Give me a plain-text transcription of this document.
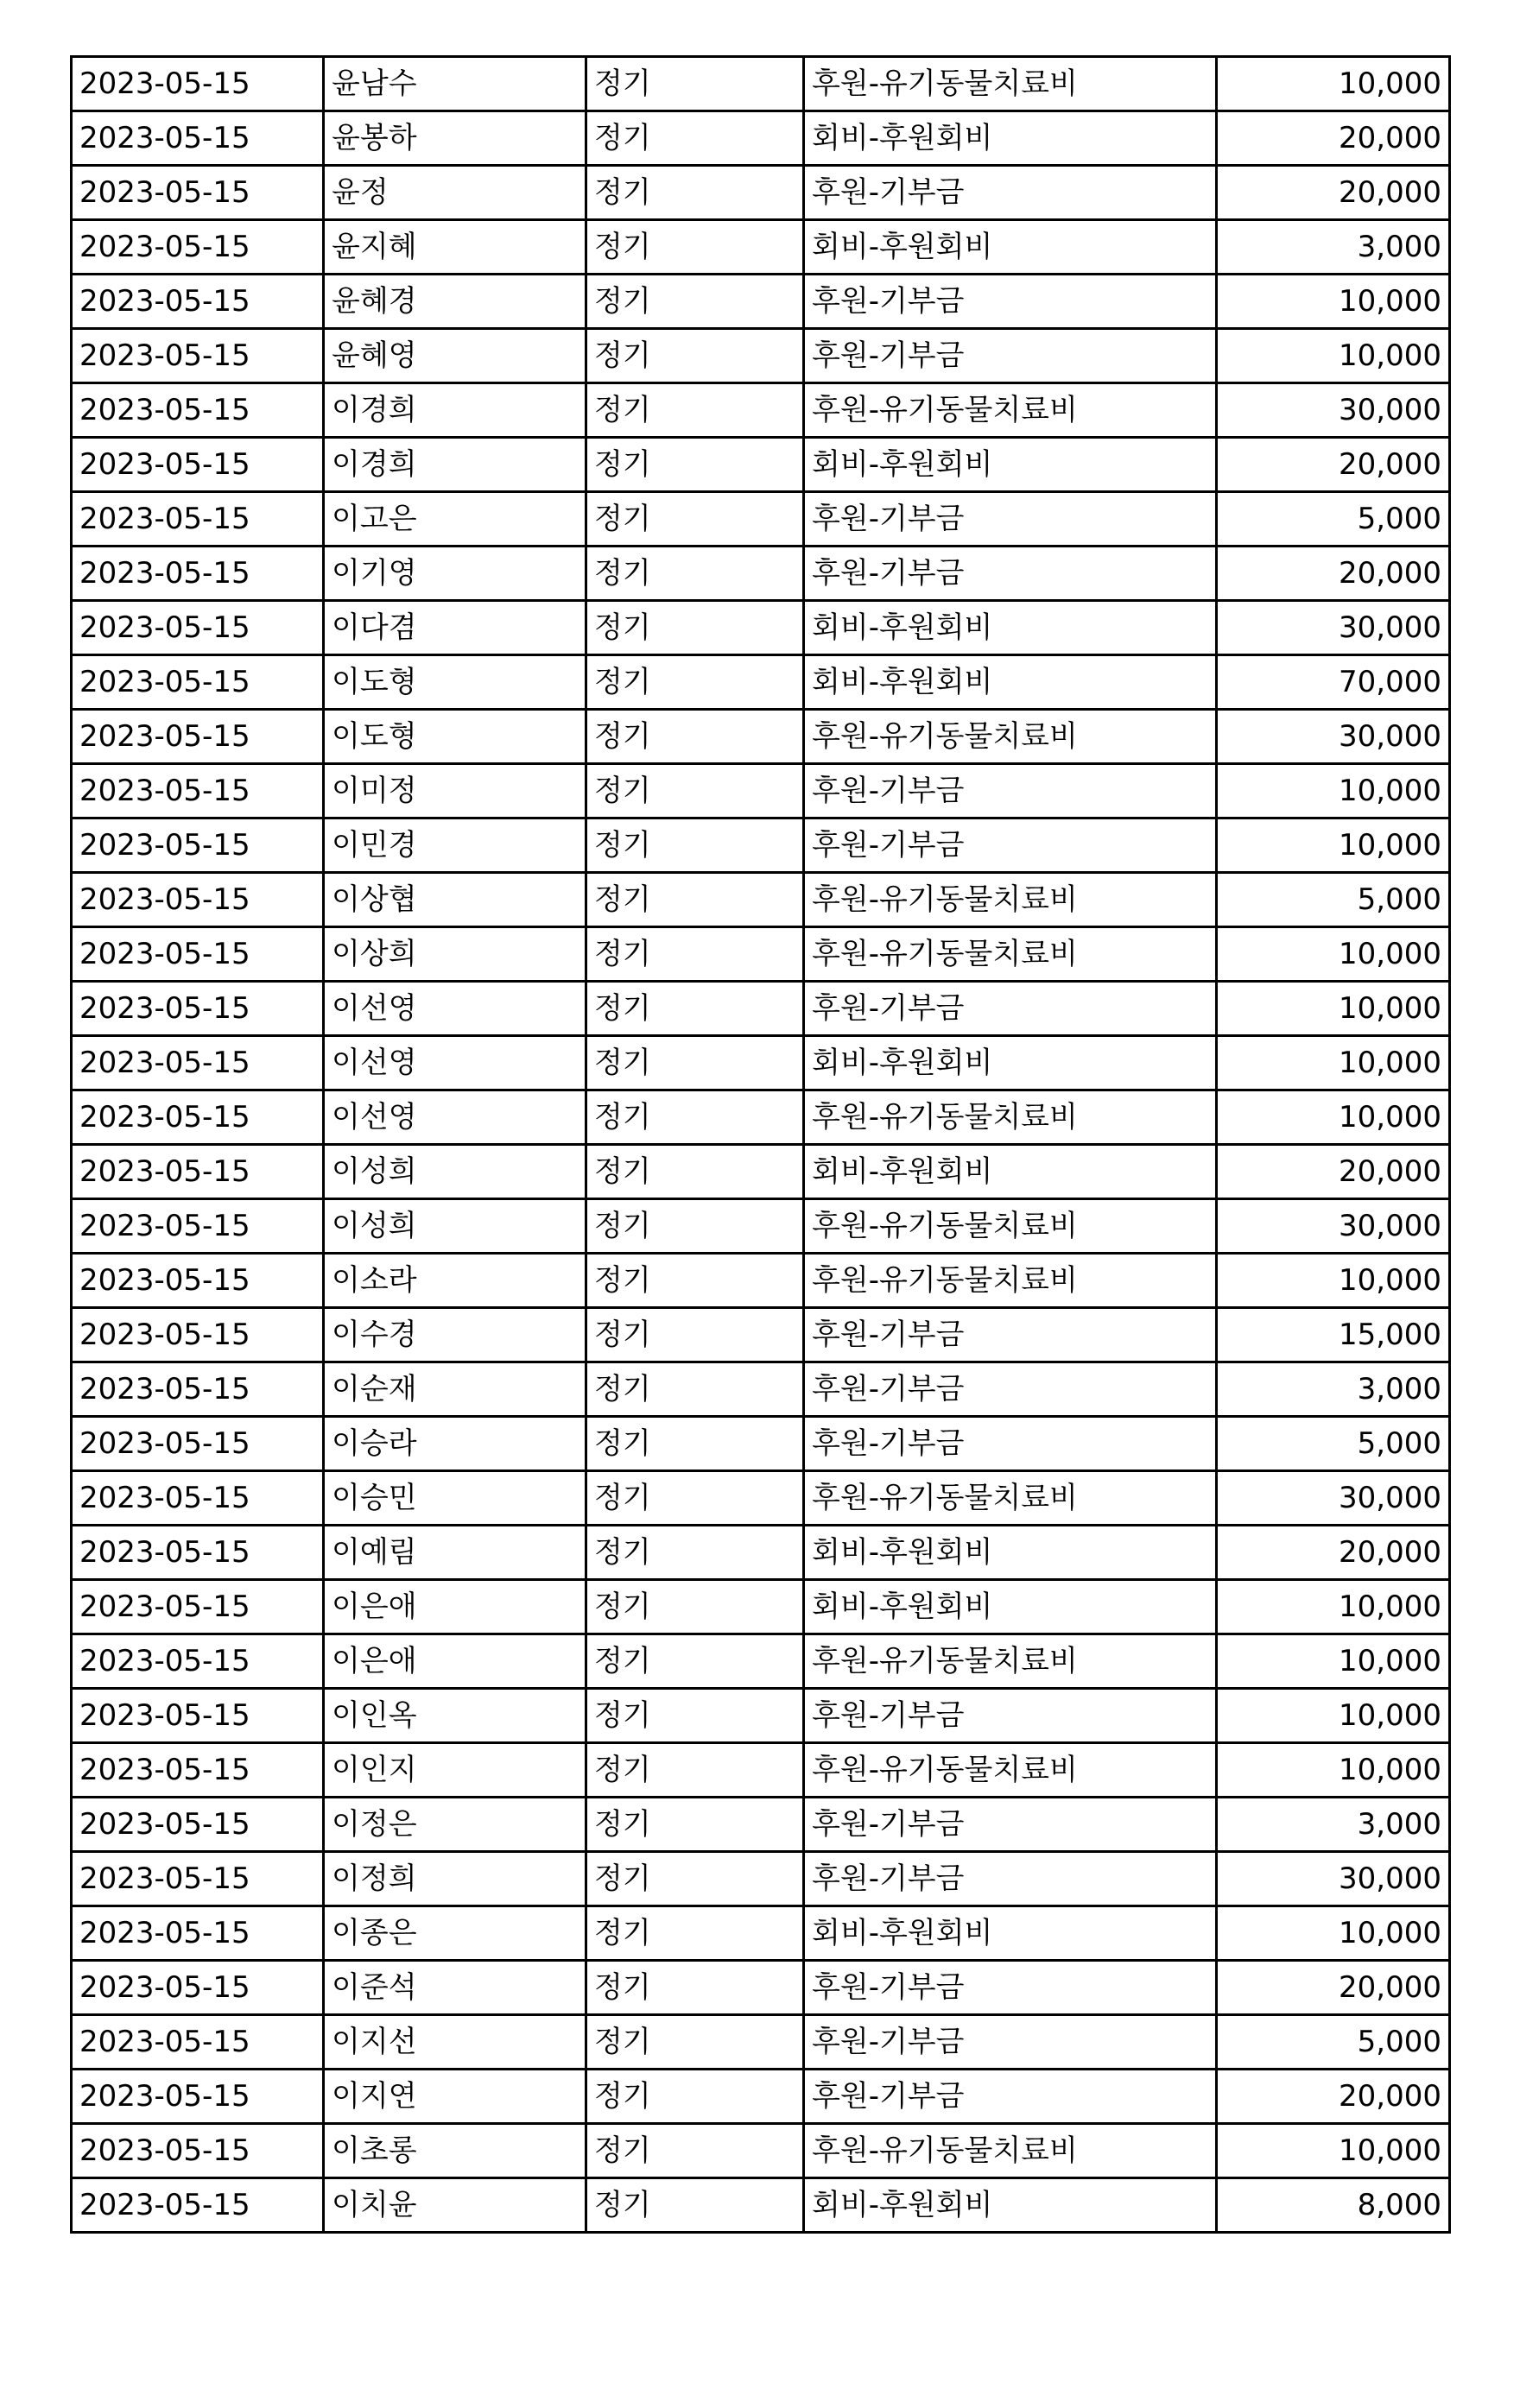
2023-05-15	윤남수	정기	후원-유기동물치료비	10,000
2023-05-15	윤봉하	정기	회비-후원회비	20,000
2023-05-15	윤정	정기	후원-기부금	20,000
2023-05-15	윤지혜	정기	회비-후원회비	3,000
2023-05-15	윤혜경	정기	후원-기부금	10,000
2023-05-15	윤혜영	정기	후원-기부금	10,000
2023-05-15	이경희	정기	후원-유기동물치료비	30,000
2023-05-15	이경희	정기	회비-후원회비	20,000
2023-05-15	이고은	정기	후원-기부금	5,000
2023-05-15	이기영	정기	후원-기부금	20,000
2023-05-15	이다겸	정기	회비-후원회비	30,000
2023-05-15	이도형	정기	회비-후원회비	70,000
2023-05-15	이도형	정기	후원-유기동물치료비	30,000
2023-05-15	이미정	정기	후원-기부금	10,000
2023-05-15	이민경	정기	후원-기부금	10,000
2023-05-15	이상협	정기	후원-유기동물치료비	5,000
2023-05-15	이상희	정기	후원-유기동물치료비	10,000
2023-05-15	이선영	정기	후원-기부금	10,000
2023-05-15	이선영	정기	회비-후원회비	10,000
2023-05-15	이선영	정기	후원-유기동물치료비	10,000
2023-05-15	이성희	정기	회비-후원회비	20,000
2023-05-15	이성희	정기	후원-유기동물치료비	30,000
2023-05-15	이소라	정기	후원-유기동물치료비	10,000
2023-05-15	이수경	정기	후원-기부금	15,000
2023-05-15	이순재	정기	후원-기부금	3,000
2023-05-15	이승라	정기	후원-기부금	5,000
2023-05-15	이승민	정기	후원-유기동물치료비	30,000
2023-05-15	이예림	정기	회비-후원회비	20,000
2023-05-15	이은애	정기	회비-후원회비	10,000
2023-05-15	이은애	정기	후원-유기동물치료비	10,000
2023-05-15	이인옥	정기	후원-기부금	10,000
2023-05-15	이인지	정기	후원-유기동물치료비	10,000
2023-05-15	이정은	정기	후원-기부금	3,000
2023-05-15	이정희	정기	후원-기부금	30,000
2023-05-15	이종은	정기	회비-후원회비	10,000
2023-05-15	이준석	정기	후원-기부금	20,000
2023-05-15	이지선	정기	후원-기부금	5,000
2023-05-15	이지연	정기	후원-기부금	20,000
2023-05-15	이초롱	정기	후원-유기동물치료비	10,000
2023-05-15	이치윤	정기	회비-후원회비	8,000
